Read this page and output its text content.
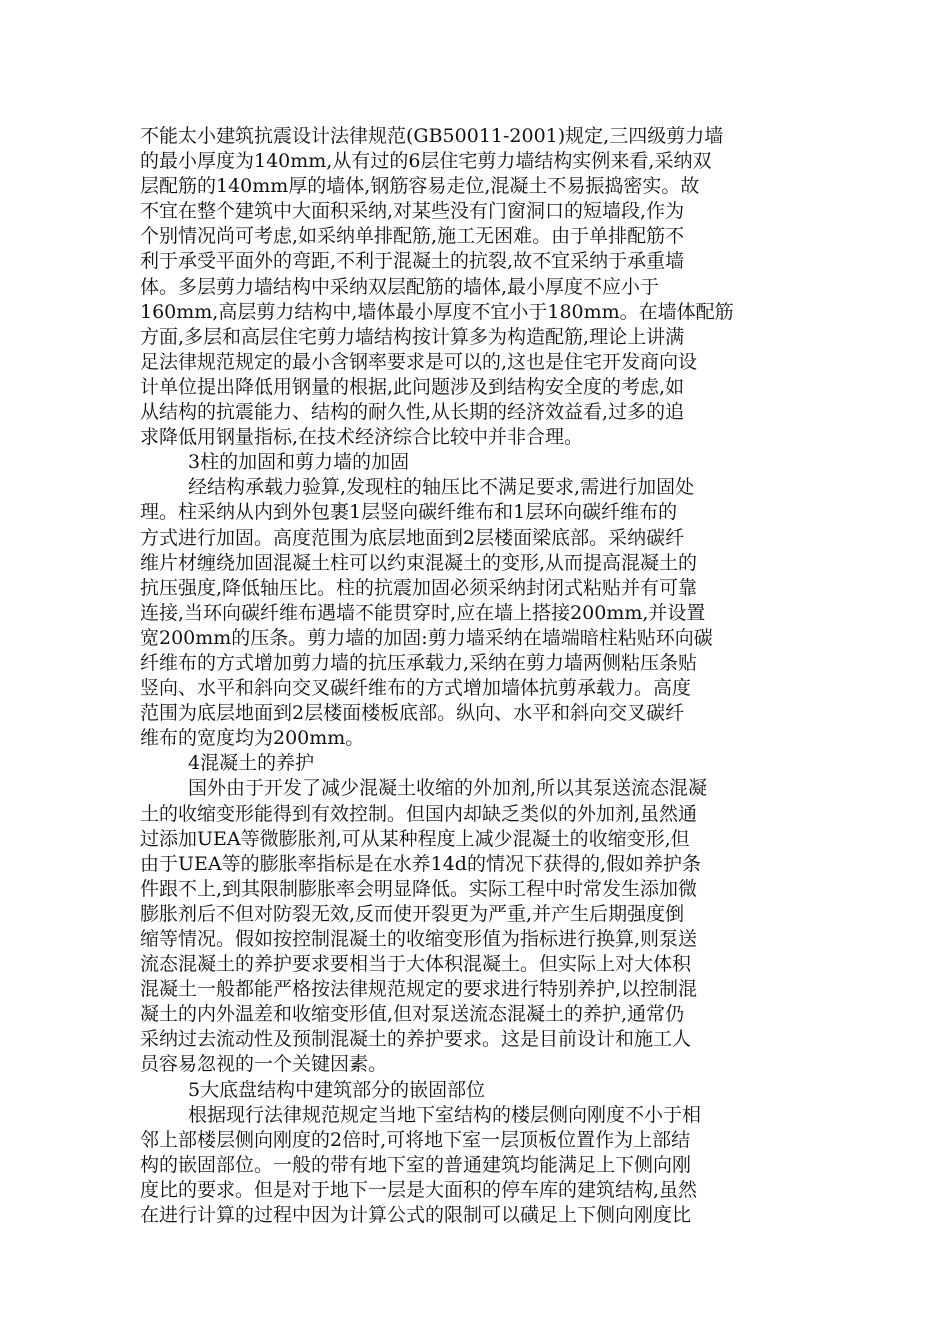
不能太小建筑抗震设计法律规范(GB50011-2001)规定,三四级剪力墙
的最小厚度为140mm,从有过的6层住宅剪力墙结构实例来看,采纳双
层配筋的140mm厚的墙体,钢筋容易走位,混凝土不易振捣密实。故
不宜在整个建筑中大面积采纳,对某些没有门窗洞口的短墙段,作为
个别情况尚可考虑,如采纳单排配筋,施工无困难。由于单排配筋不
利于承受平面外的弯距,不利于混凝土的抗裂,故不宜采纳于承重墙
体。多层剪力墙结构中采纳双层配筋的墙体,最小厚度不应小于
160mm,高层剪力结构中,墙体最小厚度不宜小于180mm。在墙体配筋
方面,多层和高层住宅剪力墙结构按计算多为构造配筋,理论上讲满
足法律规范规定的最小含钢率要求是可以的,这也是住宅开发商向设
计单位提出降低用钢量的根据,此问题涉及到结构安全度的考虑,如
从结构的抗震能力、结构的耐久性,从长期的经济效益看,过多的追
求降低用钢量指标,在技术经济综合比较中并非合理。
3柱的加固和剪力墙的加固
经结构承载力验算,发现柱的轴压比不满足要求,需进行加固处
理。柱采纳从内到外包裹1层竖向碳纤维布和1层环向碳纤维布的
方式进行加固。高度范围为底层地面到2层楼面梁底部。采纳碳纤
维片材缠绕加固混凝土柱可以约束混凝土的变形,从而提高混凝土的
抗压强度,降低轴压比。柱的抗震加固必须采纳封闭式粘贴并有可靠
连接,当环向碳纤维布遇墙不能贯穿时,应在墙上搭接200mm,并设置
宽200mm的压条。剪力墙的加固:剪力墙采纳在墙端暗柱粘贴环向碳
纤维布的方式增加剪力墙的抗压承载力,采纳在剪力墙两侧粘压条贴
竖向、水平和斜向交叉碳纤维布的方式增加墙体抗剪承载力。高度
范围为底层地面到2层楼面楼板底部。纵向、水平和斜向交叉碳纤
维布的宽度均为200mm。
4混凝土的养护
国外由于开发了减少混凝土收缩的外加剂,所以其泵送流态混凝
土的收缩变形能得到有效控制。但国内却缺乏类似的外加剂,虽然通
过添加UEA等微膨胀剂,可从某种程度上减少混凝土的收缩变形,但
由于UEA等的膨胀率指标是在水养14d的情况下获得的,假如养护条
件跟不上,到其限制膨胀率会明显降低。实际工程中时常发生添加微
膨胀剂后不但对防裂无效,反而使开裂更为严重,并产生后期强度倒
缩等情况。假如按控制混凝土的收缩变形值为指标进行换算,则泵送
流态混凝土的养护要求要相当于大体积混凝土。但实际上对大体积
混凝土一般都能严格按法律规范规定的要求进行特别养护,以控制混
凝土的内外温差和收缩变形值,但对泵送流态混凝土的养护,通常仍
采纳过去流动性及预制混凝土的养护要求。这是目前设计和施工人
员容易忽视的一个关键因素。
5大底盘结构中建筑部分的嵌固部位
根据现行法律规范规定当地下室结构的楼层侧向刚度不小于相
邻上部楼层侧向刚度的2倍时,可将地下室一层顶板位置作为上部结
构的嵌固部位。一般的带有地下室的普通建筑均能满足上下侧向刚
度比的要求。但是对于地下一层是大面积的停车库的建筑结构,虽然
在进行计算的过程中因为计算公式的限制可以磺足上下侧向刚度比
